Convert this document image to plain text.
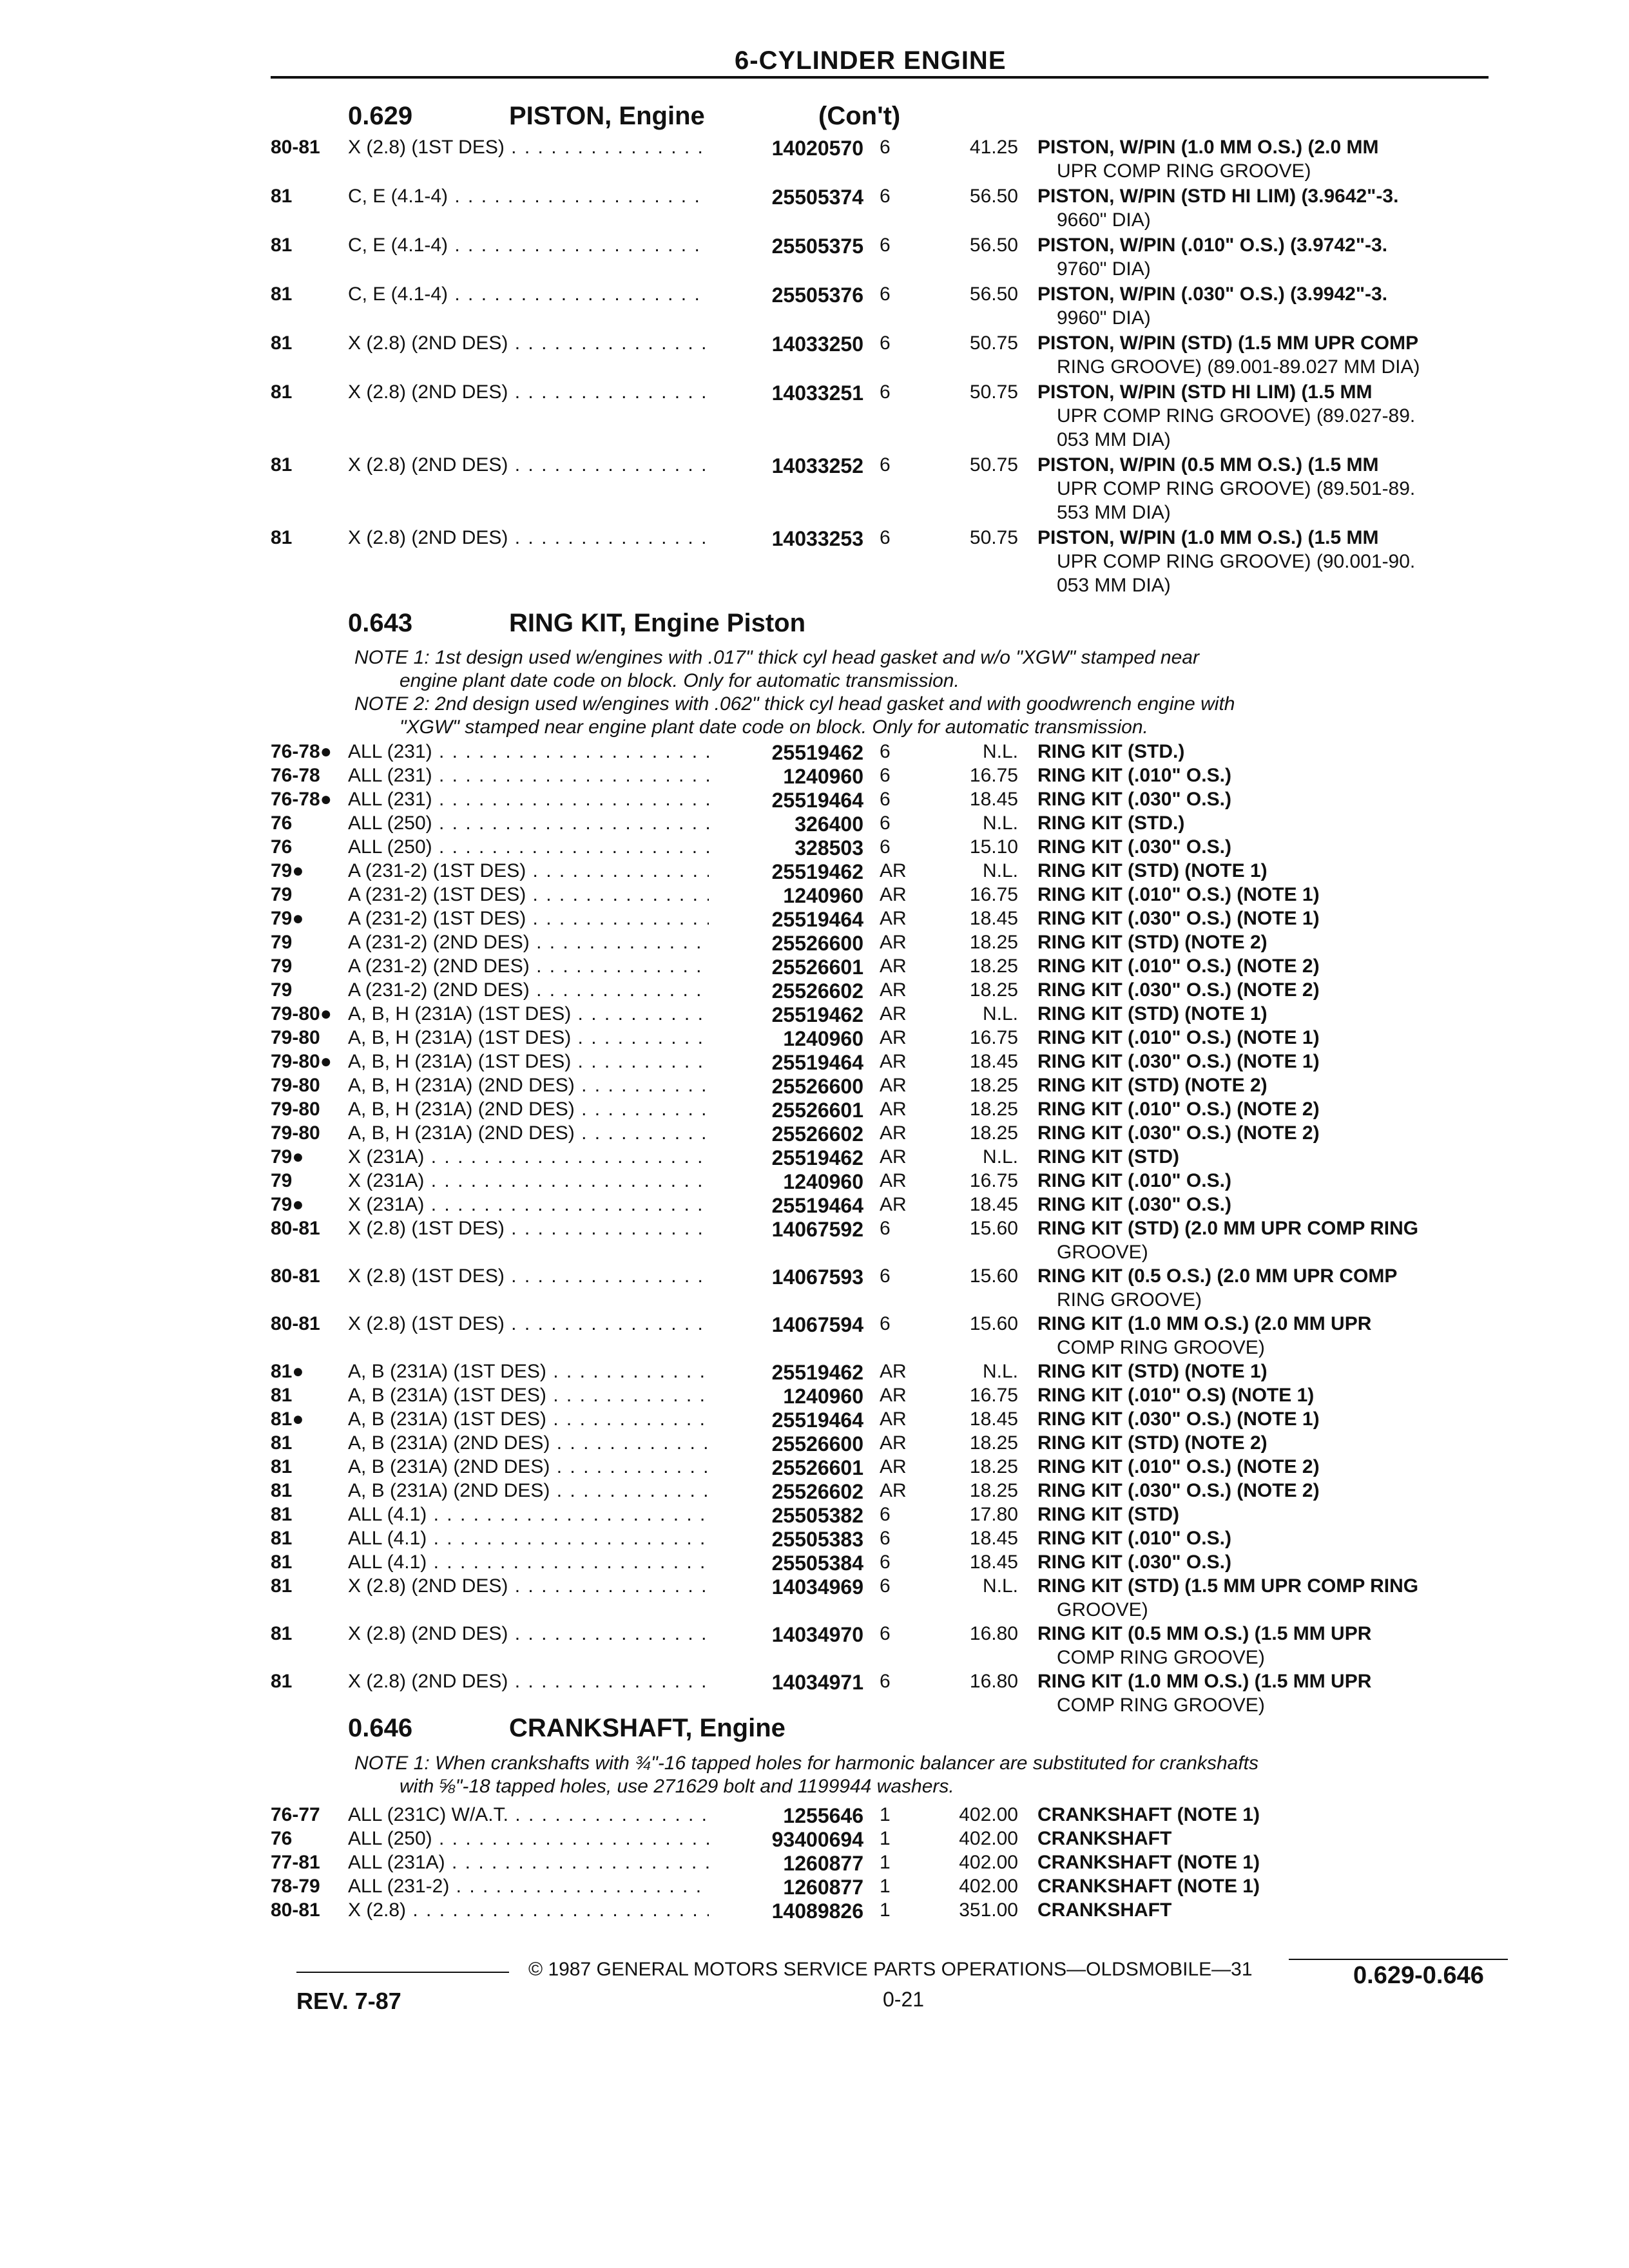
6-CYLINDER ENGINE
0.629	PISTON, Engine	(Con't)
80-81 X (2.8) (1ST DES) . . .	14020570 6	41.25 PISTON, W/PIN (1.0 MM O.S.) (2.0 MM
UPR COMP RING GROOVE)
81	C, E (4.1-4) . . .	25505374 6	56.50 PISTON, W/PIN (STD HI LIM) (3.9642"-3.
9660" DIA)
81	C, E (4.1-4) . . .	25505375 6	56.50 PISTON, W/PIN (.010" O.S.) (3.9742"-3.
9760" DIA)
81	C, E (4.1-4) . . .	25505376 6	56.50 PISTON, W/PIN (.030" O.S.) (3.9942"-3.
9960" DIA)
81	X (2.8) (2ND DES) . . .	14033250 6	50.75 PISTON, W/PIN (STD) (1.5 MM UPR COMP
RING GROOVE) (89.001-89.027 MM DIA)
81	X (2.8) (2ND DES) . . .	14033251 6	50.75 PISTON, W/PIN (STD HI LIM) (1.5 MM
UPR COMP RING GROOVE) (89.027-89.
053 MM DIA)
81	X (2.8) (2ND DES) . . .	14033252 6	50.75 PISTON, W/PIN (0.5 MM O.S.) (1.5 MM
UPR COMP RING GROOVE) (89.501-89.
553 MM DIA)
81	X (2.8) (2ND DES) . . .	14033253 6	50.75 PISTON, W/PIN (1.0 MM O.S.) (1.5 MM
UPR COMP RING GROOVE) (90.001-90.
053 MM DIA)
0.643	RING KIT, Engine Piston
NOTE 1: 1st design used w/engines with .017" thick cyl head gasket and w/o "XGW" stamped near
engine plant date code on block. Only for automatic transmission.
NOTE 2: 2nd design used w/engines with .062" thick cyl head gasket and with goodwrench engine with
"XGW" stamped near engine plant date code on block. Only for automatic transmission.
76-78● ALL (231) . . .	25519462 6	N.L. RING KIT (STD.)
76-78 ALL (231) . . .	1240960 6	16.75 RING KIT (.010" O.S.)
76-78● ALL (231) . . .	25519464 6	18.45 RING KIT (.030" O.S.)
76	ALL (250) . . .	326400 6	N.L. RING KIT (STD.)
76	ALL (250) . . .	328503 6	15.10 RING KIT (.030" O.S.)
79● A (231-2) (1ST DES) . . .	25519462 AR	N.L. RING KIT (STD) (NOTE 1)
79	A (231-2) (1ST DES) . . .	1240960 AR	16.75 RING KIT (.010" O.S.) (NOTE 1)
79● A (231-2) (1ST DES) . . .	25519464 AR	18.45 RING KIT (.030" O.S.) (NOTE 1)
79	A (231-2) (2ND DES) . . .	25526600 AR	18.25 RING KIT (STD) (NOTE 2)
79	A (231-2) (2ND DES) . . .	25526601 AR	18.25 RING KIT (.010" O.S.) (NOTE 2)
79	A (231-2) (2ND DES) . . .	25526602 AR	18.25 RING KIT (.030" O.S.) (NOTE 2)
79-80● A, B, H (231A) (1ST DES) . . .	25519462 AR	N.L. RING KIT (STD) (NOTE 1)
79-80 A, B, H (231A) (1ST DES) . . .	1240960 AR	16.75 RING KIT (.010" O.S.) (NOTE 1)
79-80● A, B, H (231A) (1ST DES) . . .	25519464 AR	18.45 RING KIT (.030" O.S.) (NOTE 1)
79-80 A, B, H (231A) (2ND DES) . . .	25526600 AR	18.25 RING KIT (STD) (NOTE 2)
79-80 A, B, H (231A) (2ND DES) . . .	25526601 AR	18.25 RING KIT (.010" O.S.) (NOTE 2)
79-80 A, B, H (231A) (2ND DES) . . .	25526602 AR	18.25 RING KIT (.030" O.S.) (NOTE 2)
79● X (231A) . . .	25519462 AR	N.L. RING KIT (STD)
79	X (231A) . . .	1240960 AR	16.75 RING KIT (.010" O.S.)
79● X (231A) . . .	25519464 AR	18.45 RING KIT (.030" O.S.)
80-81 X (2.8) (1ST DES) . . .	14067592 6	15.60 RING KIT (STD) (2.0 MM UPR COMP RING
GROOVE)
80-81 X (2.8) (1ST DES) . . .	14067593 6	15.60 RING KIT (0.5 O.S.) (2.0 MM UPR COMP
RING GROOVE)
80-81 X (2.8) (1ST DES) . . .	14067594 6	15.60 RING KIT (1.0 MM O.S.) (2.0 MM UPR
COMP RING GROOVE)
81● A, B (231A) (1ST DES) . . .	25519462 AR	N.L. RING KIT (STD) (NOTE 1)
81	A, B (231A) (1ST DES) . . .	1240960 AR	16.75 RING KIT (.010" O.S) (NOTE 1)
81● A, B (231A) (1ST DES) . . .	25519464 AR	18.45 RING KIT (.030" O.S.) (NOTE 1)
81	A, B (231A) (2ND DES) . . .	25526600 AR	18.25 RING KIT (STD) (NOTE 2)
81	A, B (231A) (2ND DES) . . .	25526601 AR	18.25 RING KIT (.010" O.S.) (NOTE 2)
81	A, B (231A) (2ND DES) . . .	25526602 AR	18.25 RING KIT (.030" O.S.) (NOTE 2)
81	ALL (4.1) . . .	25505382 6	17.80 RING KIT (STD)
81	ALL (4.1) . . .	25505383 6	18.45 RING KIT (.010" O.S.)
81	ALL (4.1) . . .	25505384 6	18.45 RING KIT (.030" O.S.)
81	X (2.8) (2ND DES) . . .	14034969 6	N.L. RING KIT (STD) (1.5 MM UPR COMP RING
GROOVE)
81	X (2.8) (2ND DES) . . .	14034970 6	16.80 RING KIT (0.5 MM O.S.) (1.5 MM UPR
COMP RING GROOVE)
81	X (2.8) (2ND DES) . . .	14034971 6	16.80 RING KIT (1.0 MM O.S.) (1.5 MM UPR
COMP RING GROOVE)
0.646	CRANKSHAFT, Engine
NOTE 1: When crankshafts with ¾"-16 tapped holes for harmonic balancer are substituted for crankshafts
with ⅝"-18 tapped holes, use 271629 bolt and 1199944 washers.
76-77 ALL (231C) W/A.T. . . .	1255646 1	402.00 CRANKSHAFT (NOTE 1)
76	ALL (250) . . .	93400694 1	402.00 CRANKSHAFT
77-81 ALL (231A) . . .	1260877 1	402.00 CRANKSHAFT (NOTE 1)
78-79 ALL (231-2) . . .	1260877 1	402.00 CRANKSHAFT (NOTE 1)
80-81 X (2.8) . . .	14089826 1	351.00 CRANKSHAFT
© 1987 GENERAL MOTORS SERVICE PARTS OPERATIONS—OLDSMOBILE—31
REV. 7-87	0-21
0.629-0.646
